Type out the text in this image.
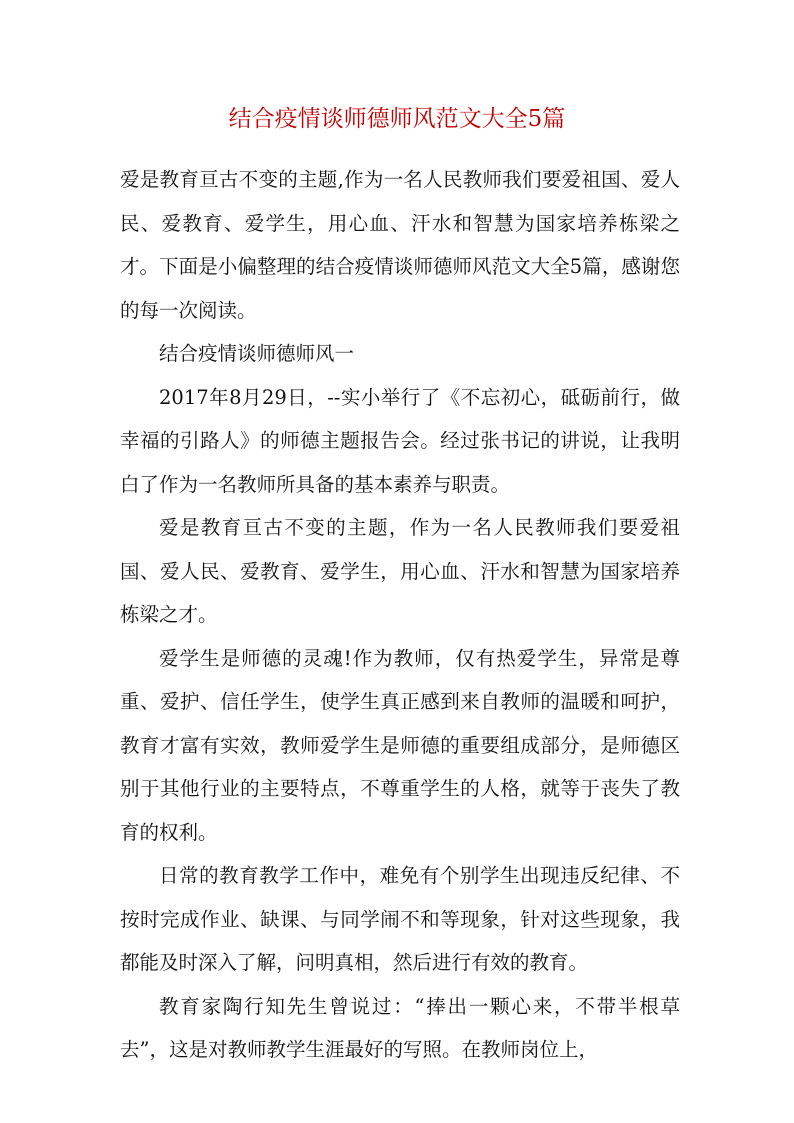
结合疫情谈师德师风范文大全5篇

爱是教育亘古不变的主题,作为一名人民教师我们要爱祖国、爱人民、爱教育、爱学生，用心血、汗水和智慧为国家培养栋梁之才。下面是小偏整理的结合疫情谈师德师风范文大全5篇，感谢您的每一次阅读。

结合疫情谈师德师风一

2017年8月29日，--实小举行了《不忘初心，砥砺前行，做幸福的引路人》的师德主题报告会。经过张书记的讲说，让我明白了作为一名教师所具备的基本素养与职责。

爱是教育亘古不变的主题，作为一名人民教师我们要爱祖国、爱人民、爱教育、爱学生，用心血、汗水和智慧为国家培养栋梁之才。

爱学生是师德的灵魂!作为教师，仅有热爱学生，异常是尊重、爱护、信任学生，使学生真正感到来自教师的温暖和呵护，教育才富有实效，教师爱学生是师德的重要组成部分，是师德区别于其他行业的主要特点，不尊重学生的人格，就等于丧失了教育的权利。

日常的教育教学工作中，难免有个别学生出现违反纪律、不按时完成作业、缺课、与同学闹不和等现象，针对这些现象，我都能及时深入了解，问明真相，然后进行有效的教育。

教育家陶行知先生曾说过：“捧出一颗心来，不带半根草去”，这是对教师教学生涯最好的写照。在教师岗位上，
